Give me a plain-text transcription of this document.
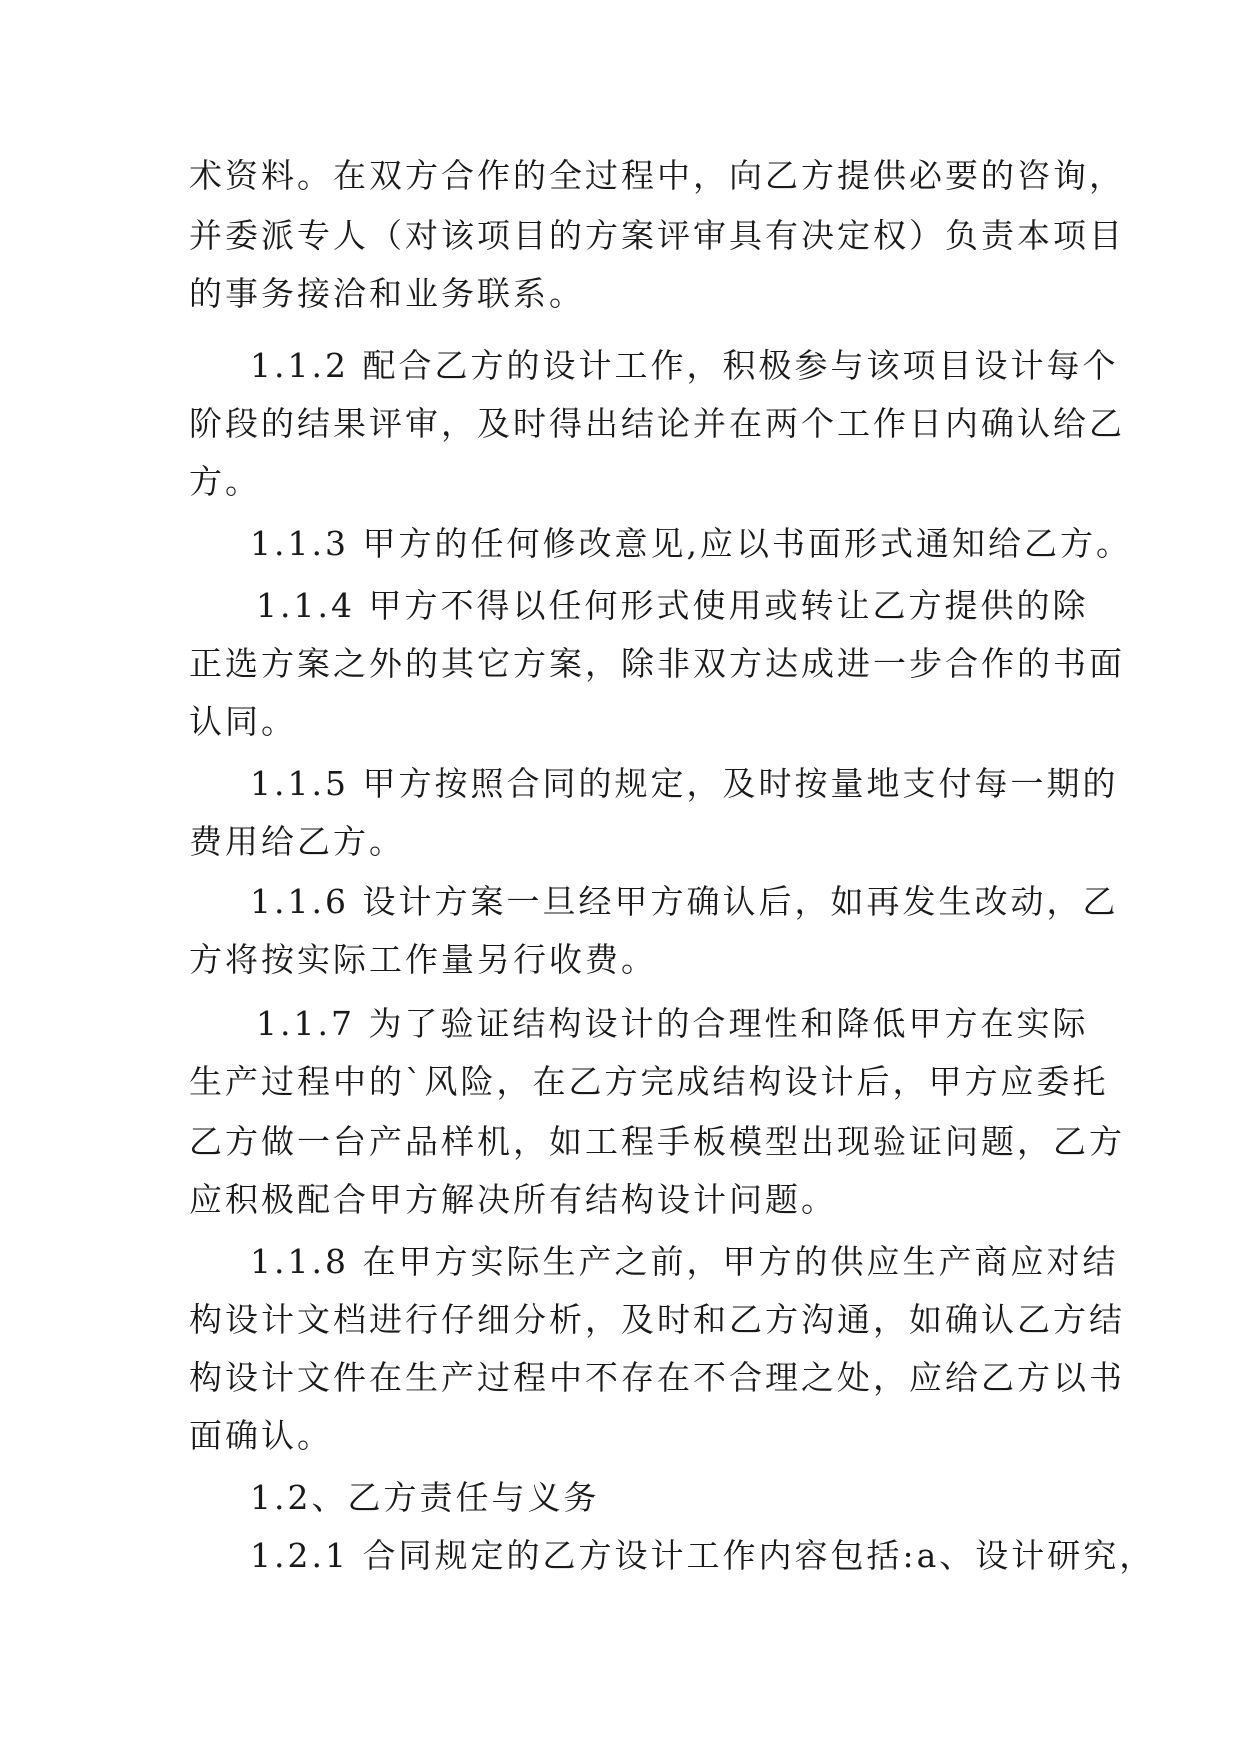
术资料。在双方合作的全过程中，向乙方提供必要的咨询，
并委派专人（对该项目的方案评审具有决定权）负责本项目
的事务接洽和业务联系。
1.1.2 配合乙方的设计工作，积极参与该项目设计每个
阶段的结果评审，及时得出结论并在两个工作日内确认给乙
方。
1.1.3 甲方的任何修改意见,应以书面形式通知给乙方。
1.1.4 甲方不得以任何形式使用或转让乙方提供的除
正选方案之外的其它方案，除非双方达成进一步合作的书面
认同。
1.1.5 甲方按照合同的规定，及时按量地支付每一期的
费用给乙方。
1.1.6 设计方案一旦经甲方确认后，如再发生改动，乙
方将按实际工作量另行收费。
1.1.7 为了验证结构设计的合理性和降低甲方在实际
生产过程中的`风险，在乙方完成结构设计后，甲方应委托
乙方做一台产品样机，如工程手板模型出现验证问题，乙方
应积极配合甲方解决所有结构设计问题。
1.1.8 在甲方实际生产之前，甲方的供应生产商应对结
构设计文档进行仔细分析，及时和乙方沟通，如确认乙方结
构设计文件在生产过程中不存在不合理之处，应给乙方以书
面确认。
1.2、乙方责任与义务
1.2.1 合同规定的乙方设计工作内容包括:a、设计研究，
